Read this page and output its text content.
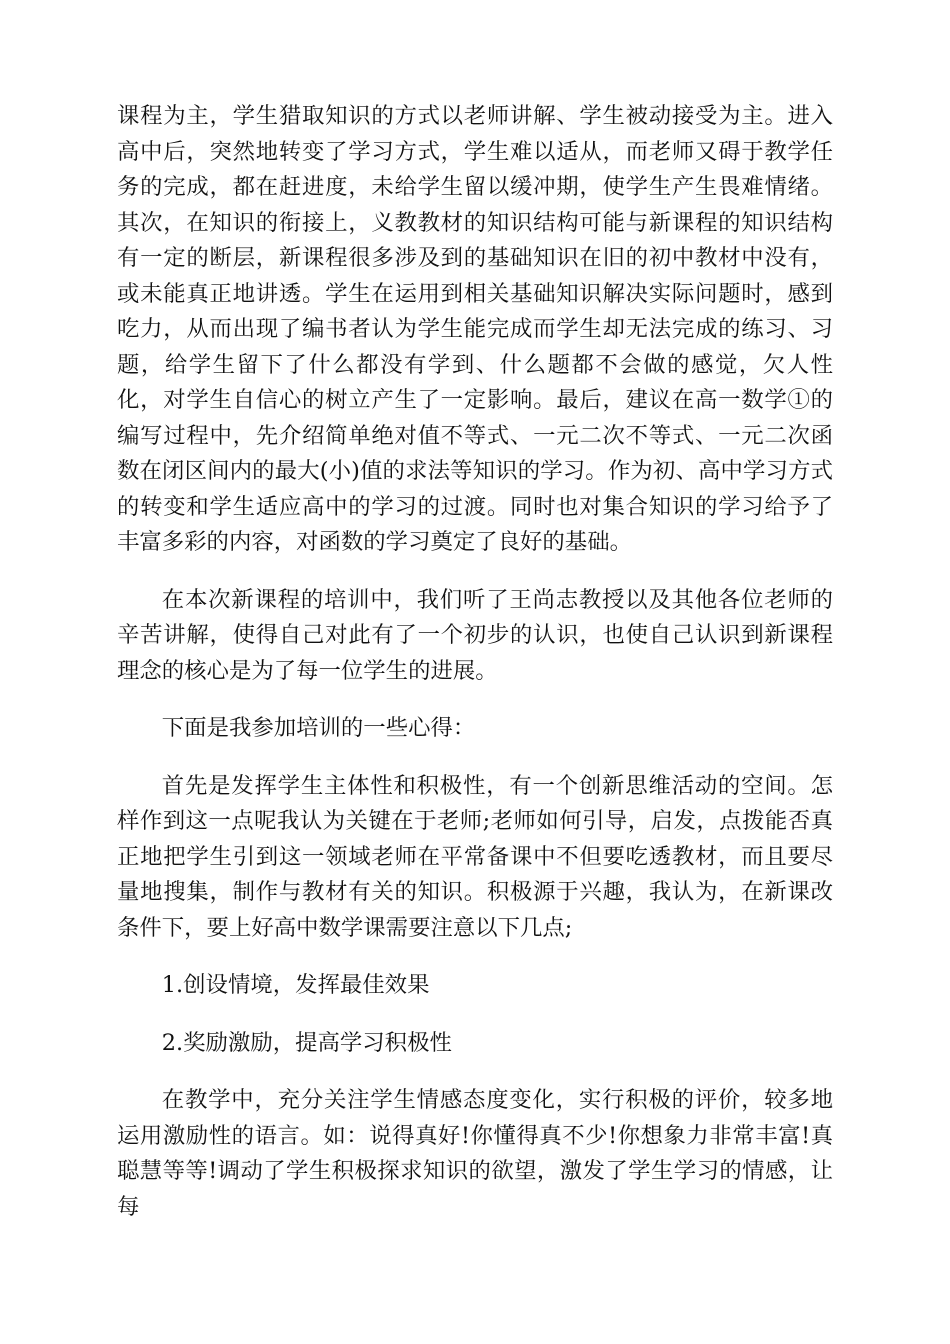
课程为主，学生猎取知识的方式以老师讲解、学生被动接受为主。进入高中后，突然地转变了学习方式，学生难以适从，而老师又碍于教学任务的完成，都在赶进度，未给学生留以缓冲期，使学生产生畏难情绪。其次，在知识的衔接上，义教教材的知识结构可能与新课程的知识结构有一定的断层，新课程很多涉及到的基础知识在旧的初中教材中没有，或未能真正地讲透。学生在运用到相关基础知识解决实际问题时，感到吃力，从而出现了编书者认为学生能完成而学生却无法完成的练习、习题，给学生留下了什么都没有学到、什么题都不会做的感觉，欠人性化，对学生自信心的树立产生了一定影响。最后，建议在高一数学①的编写过程中，先介绍简单绝对值不等式、一元二次不等式、一元二次函数在闭区间内的最大(小)值的求法等知识的学习。作为初、高中学习方式的转变和学生适应高中的学习的过渡。同时也对集合知识的学习给予了丰富多彩的内容，对函数的学习奠定了良好的基础。

在本次新课程的培训中，我们听了王尚志教授以及其他各位老师的辛苦讲解，使得自己对此有了一个初步的认识，也使自己认识到新课程理念的核心是为了每一位学生的进展。

下面是我参加培训的一些心得：

首先是发挥学生主体性和积极性，有一个创新思维活动的空间。怎样作到这一点呢我认为关键在于老师;老师如何引导，启发，点拨能否真正地把学生引到这一领域老师在平常备课中不但要吃透教材，而且要尽量地搜集，制作与教材有关的知识。积极源于兴趣，我认为，在新课改条件下，要上好高中数学课需要注意以下几点;

1.创设情境，发挥最佳效果

2.奖励激励，提高学习积极性

在教学中，充分关注学生情感态度变化，实行积极的评价，较多地运用激励性的语言。如：说得真好!你懂得真不少!你想象力非常丰富!真聪慧等等!调动了学生积极探求知识的欲望，激发了学生学习的情感，让每
